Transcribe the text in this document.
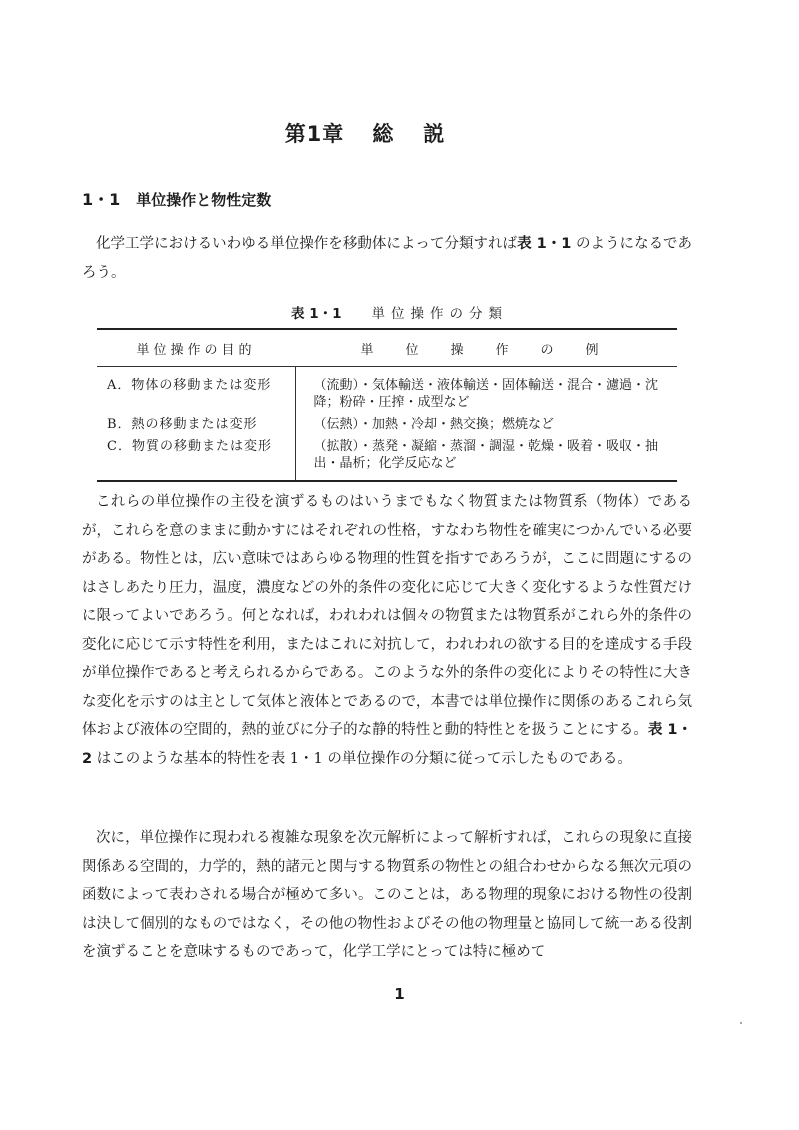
第1章 総説
1・1 単位操作と物性定数

化学工学におけるいわゆる単位操作を移動体によって分類すれば表 1・1 のようになるであろう。

表 1・1 単位操作の分類
単位操作の目的	単位操作の例
A．物体の移動または変形	（流動）・気体輸送・液体輸送・固体輸送・混合・濾過・沈降；粉砕・圧搾・成型など
B．熱の移動または変形	（伝熱）・加熱・冷却・熱交換；燃焼など
C．物質の移動または変形	（拡散）・蒸発・凝縮・蒸溜・調湿・乾燥・吸着・吸収・抽出・晶析；化学反応など

これらの単位操作の主役を演ずるものはいうまでもなく物質または物質系（物体）であるが，これらを意のままに動かすにはそれぞれの性格，すなわち物性を確実につかんでいる必要がある。物性とは，広い意味ではあらゆる物理的性質を指すであろうが，ここに問題にするのはさしあたり圧力，温度，濃度などの外的条件の変化に応じて大きく変化するような性質だけに限ってよいであろう。何となれば，われわれは個々の物質または物質系がこれら外的条件の変化に応じて示す特性を利用，またはこれに対抗して，われわれの欲する目的を達成する手段が単位操作であると考えられるからである。このような外的条件の変化によりその特性に大きな変化を示すのは主として気体と液体とであるので，本書では単位操作に関係のあるこれら気体および液体の空間的，熱的並びに分子的な静的特性と動的特性とを扱うことにする。表 1・2 はこのような基本的特性を表 1・1 の単位操作の分類に従って示したものである。

次に，単位操作に現われる複雑な現象を次元解析によって解析すれば，これらの現象に直接関係ある空間的，力学的，熱的諸元と関与する物質系の物性との組合わせからなる無次元項の函数によって表わされる場合が極めて多い。このことは，ある物理的現象における物性の役割は決して個別的なものではなく，その他の物性およびその他の物理量と協同して統一ある役割を演ずることを意味するものであって，化学工学にとっては特に極めて

1
